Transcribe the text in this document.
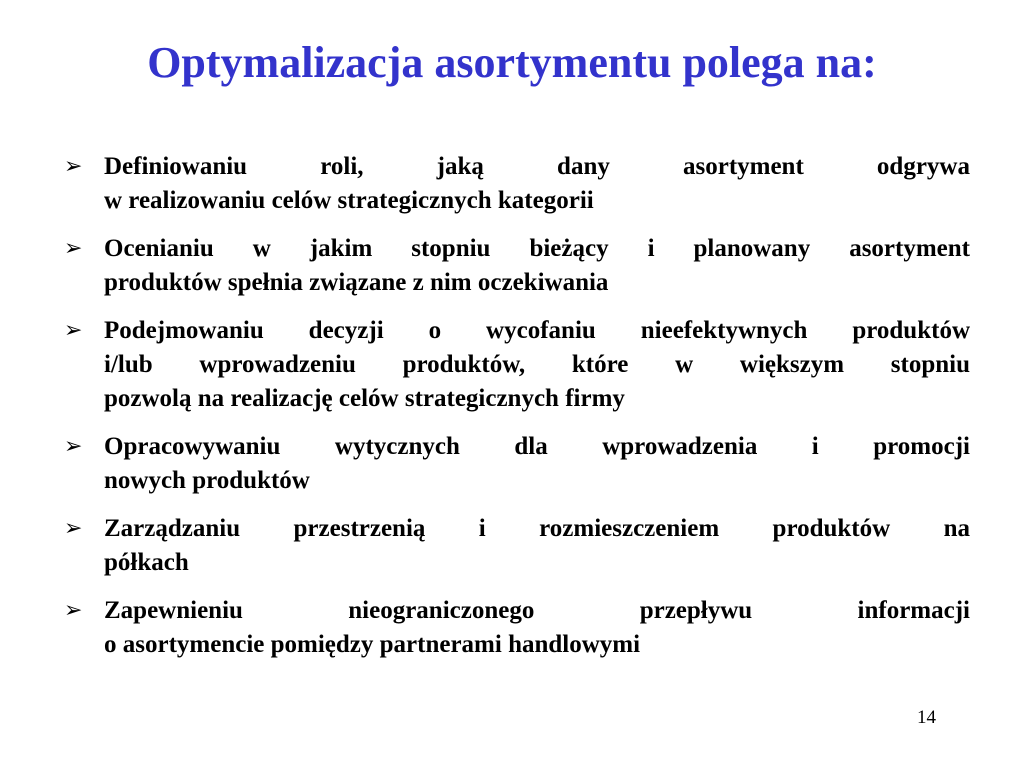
Optymalizacja asortymentu polega na:
➢ Definiowaniu roli, jaką dany asortyment odgrywa
w realizowaniu celów strategicznych kategorii
➢ Ocenianiu w jakim stopniu bieżący i planowany asortyment
produktów spełnia związane z nim oczekiwania
➢ Podejmowaniu decyzji o wycofaniu nieefektywnych produktów
i/lub wprowadzeniu produktów, które w większym stopniu
pozwolą na realizację celów strategicznych firmy
➢ Opracowywaniu wytycznych dla wprowadzenia i promocji
nowych produktów
➢ Zarządzaniu przestrzenią i rozmieszczeniem produktów na
półkach
➢ Zapewnieniu nieograniczonego przepływu informacji
o asortymencie pomiędzy partnerami handlowymi
14
